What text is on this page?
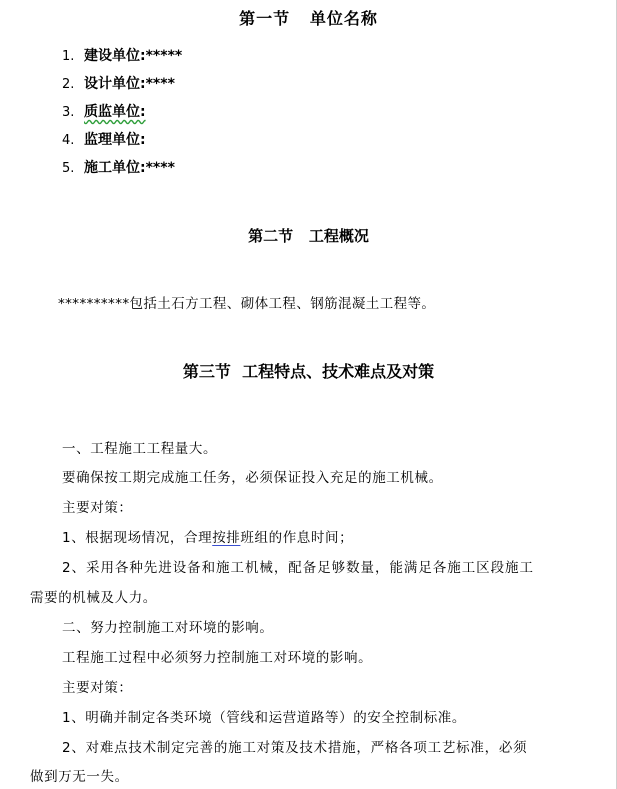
第一节   单位名称
1. 建设单位:*****
2. 设计单位:****
3. 质监单位:
4. 监理单位:
5. 施工单位:****
第二节   工程概况
**********包括土石方工程、砌体工程、钢筋混凝土工程等。
第三节  工程特点、技术难点及对策
一、工程施工工程量大。
要确保按工期完成施工任务，必须保证投入充足的施工机械。
主要对策：
1、根据现场情况，合理按排班组的作息时间；
2、采用各种先进设备和施工机械，配备足够数量，能满足各施工区段施工
需要的机械及人力。
二、努力控制施工对环境的影响。
工程施工过程中必须努力控制施工对环境的影响。
主要对策：
1、明确并制定各类环境（管线和运营道路等）的安全控制标准。
2、对难点技术制定完善的施工对策及技术措施，严格各项工艺标准，必须
做到万无一失。
